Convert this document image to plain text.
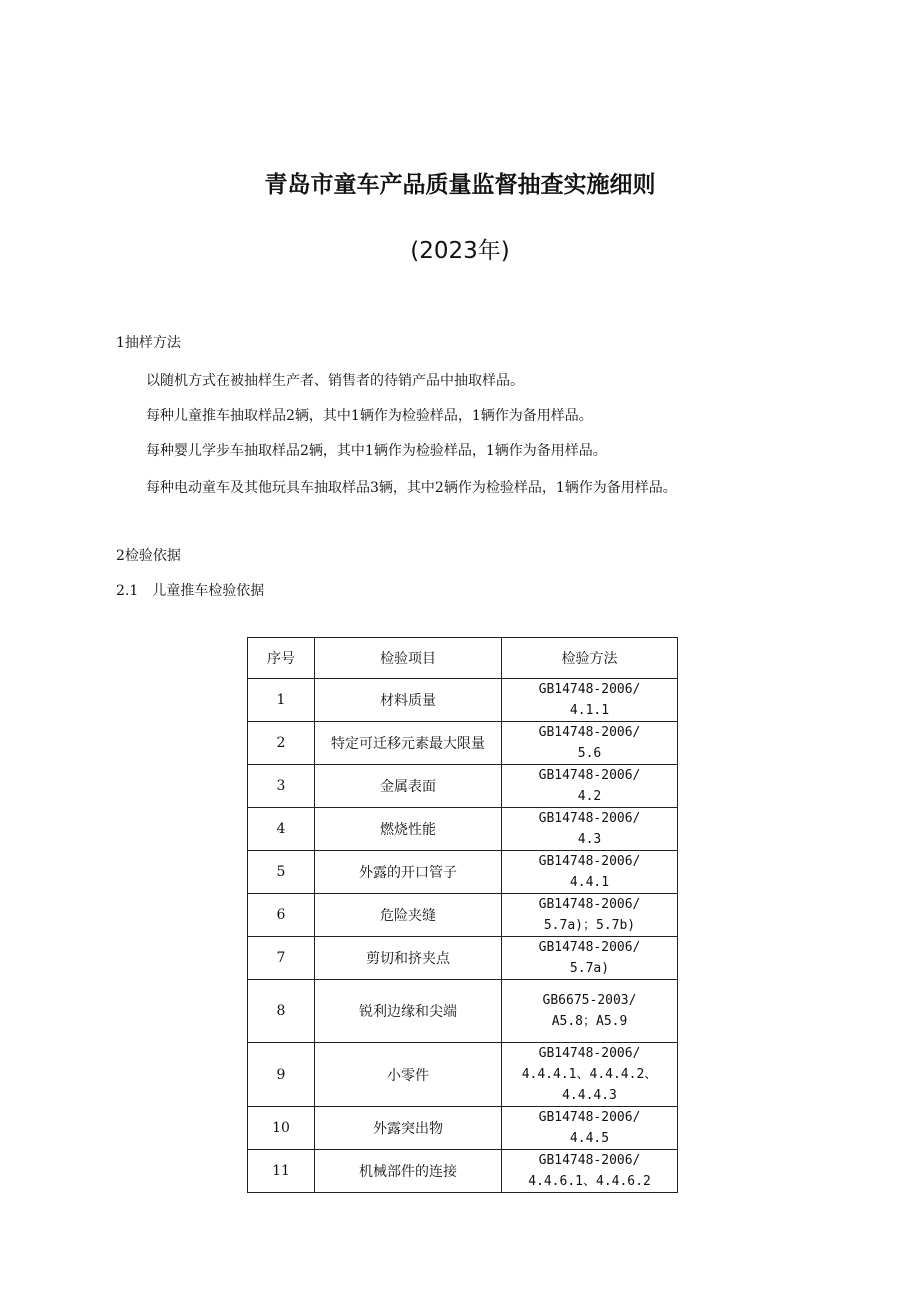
青岛市童车产品质量监督抽查实施细则
(2023年)
1抽样方法
以随机方式在被抽样生产者、销售者的待销产品中抽取样品。
每种儿童推车抽取样品2辆，其中1辆作为检验样品，1辆作为备用样品。
每种婴儿学步车抽取样品2辆，其中1辆作为检验样品，1辆作为备用样品。
每种电动童车及其他玩具车抽取样品3辆，其中2辆作为检验样品，1辆作为备用样品。
2检验依据
2.1　儿童推车检验依据
序号	检验项目	检验方法
1	材料质量	GB14748-2006/
4.1.1

2	特定可迁移元素最大限量	GB14748-2006/
5.6

3	金属表面	GB14748-2006/
4.2

4	燃烧性能	GB14748-2006/
4.3

5	外露的开口管子	GB14748-2006/
4.4.1

6	危险夹缝	GB14748-2006/
5.7a)；5.7b)

7	剪切和挤夹点	GB14748-2006/
5.7a)

8	锐利边缘和尖端	GB6675-2003/
A5.8；A5.9

9	小零件	GB14748-2006/
4.4.4.1、4.4.4.2、
4.4.4.3

10	外露突出物	GB14748-2006/
4.4.5

11	机械部件的连接	GB14748-2006/
4.4.6.1、4.4.6.2
